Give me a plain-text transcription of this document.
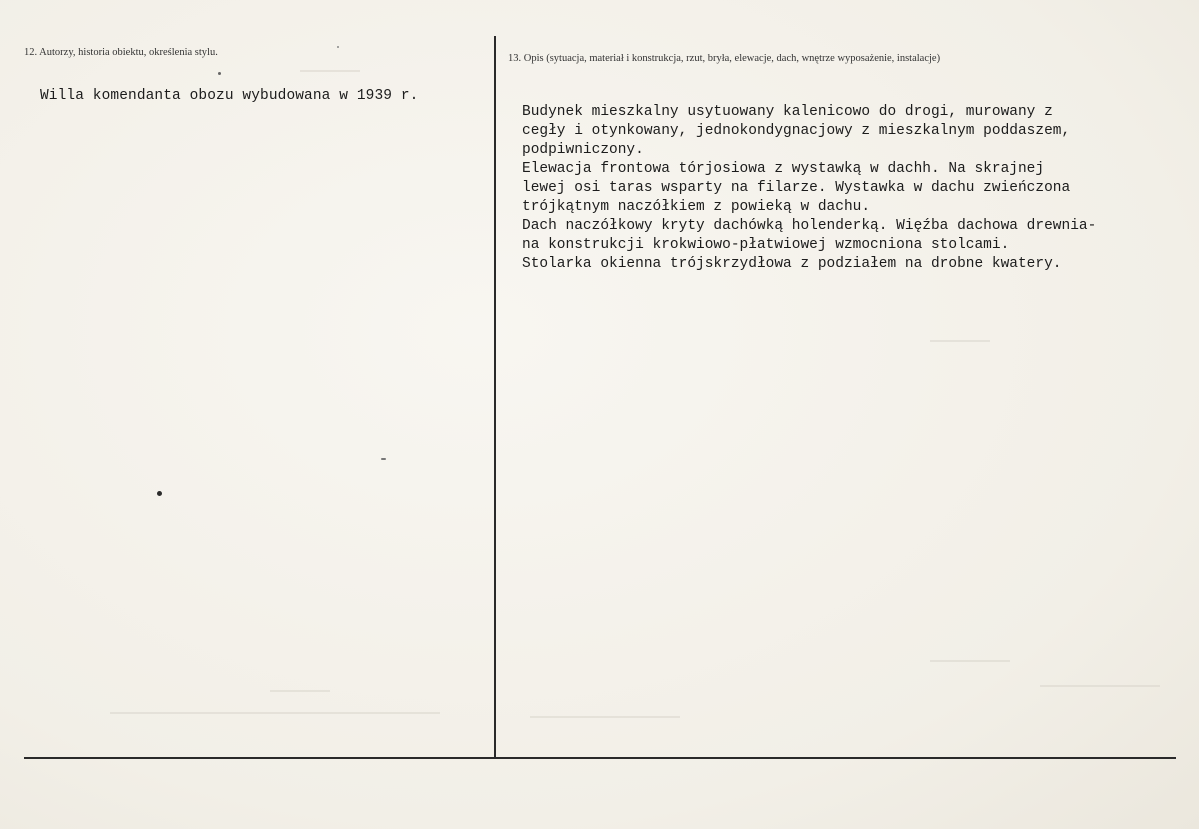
12. Autorzy, historia obiektu, określenia stylu.
Willa komendanta obozu wybudowana w 1939 r.
13. Opis (sytuacja, materiał i konstrukcja, rzut, bryła, elewacje, dach, wnętrze wyposażenie, instalacje)
Budynek mieszkalny usytuowany kalenicowo do drogi, murowany z
cegły i otynkowany, jednokondygnacjowy z mieszkalnym poddaszem,
podpiwniczony.
Elewacja frontowa tórjosiowa z wystawką w dachh. Na skrajnej
lewej osi taras wsparty na filarze. Wystawka w dachu zwieńczona
trójkątnym naczółkiem z powieką w dachu.
Dach naczółkowy kryty dachówką holenderką. Więźba dachowa drewnia-
na konstrukcji krokwiowo-płatwiowej wzmocniona stolcami.
Stolarka okienna trójskrzydłowa z podziałem na drobne kwatery.
